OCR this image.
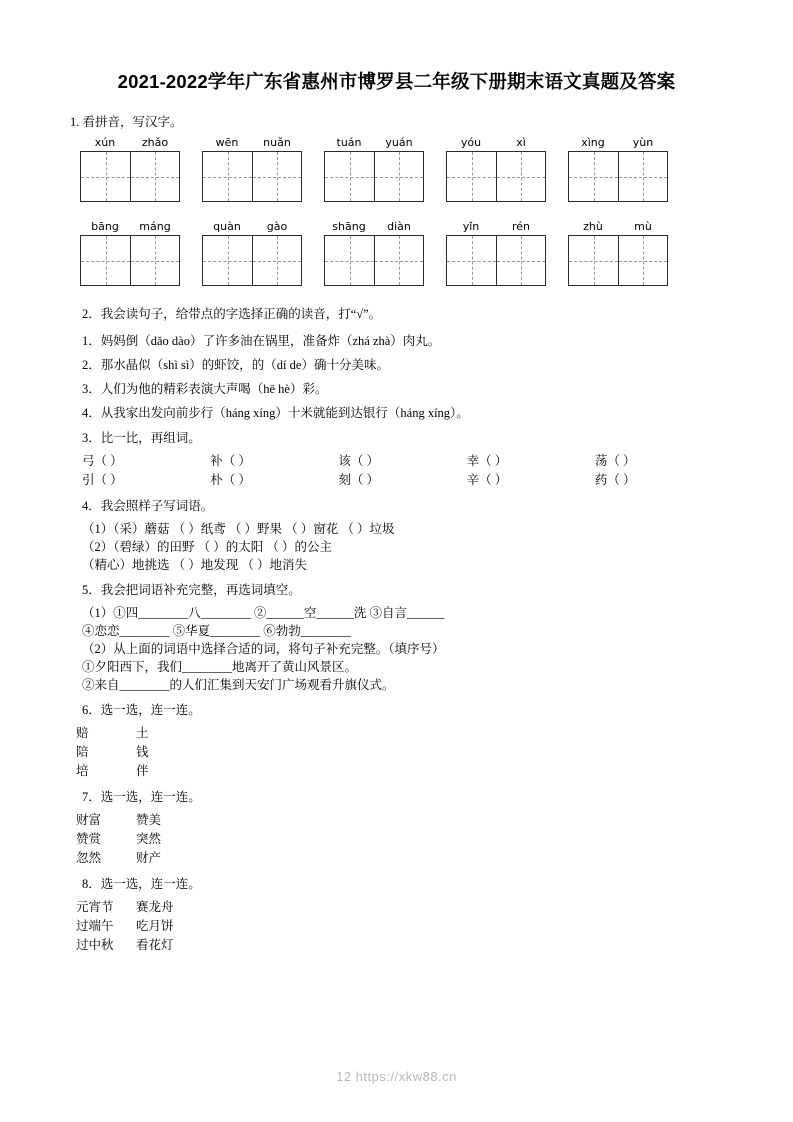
2021-2022学年广东省惠州市博罗县二年级下册期末语文真题及答案
1. 看拼音，写汉字。
xún	zhǎo	wēn	nuǎn	tuán	yuán	yóu	xì	xìng	yùn
bāng	máng	quàn	gào	shāng	diàn	yǐn	rén	zhù	mù
2．我会读句子，给带点的字选择正确的读音，打“√”。
1．妈妈倒（dǎo dào）了许多油在锅里，准备炸（zhá zhà）肉丸。
2．那水晶似（shì sì）的虾饺，的（dí de）确十分美味。
3．人们为他的精彩表演大声喝（hē hè）彩。
4．从我家出发向前步行（háng xíng）十米就能到达银行（háng xíng）。
3．比一比，再组词。
弓（ ）	补（ ）	该（ ）	幸（ ）	荡（ ）
引（ ）	朴（ ）	刻（ ）	辛（ ）	药（ ）
4．我会照样子写词语。
（1）（采）蘑菇 （ ）纸鸢 （ ）野果 （ ）窗花 （ ）垃圾
（2）（碧绿）的田野 （ ）的太阳 （ ）的公主
（精心）地挑选 （ ）地发现 （ ）地消失
5．我会把词语补充完整，再选词填空。
（1）①四________八________ ②______空______洗 ③自言______
④恋恋________ ⑤华夏________ ⑥勃勃________
（2）从上面的词语中选择合适的词，将句子补充完整。（填序号）
①夕阳西下，我们________地离开了黄山风景区。
②来自________的人们汇集到天安门广场观看升旗仪式。
6．选一选，连一连。
赔	土
陪	钱
培	伴
7．选一选，连一连。
财富	赞美
赞赏	突然
忽然	财产
8．选一选，连一连。
元宵节	赛龙舟
过端午	吃月饼
过中秋	看花灯
12 https://xkw88.cn
